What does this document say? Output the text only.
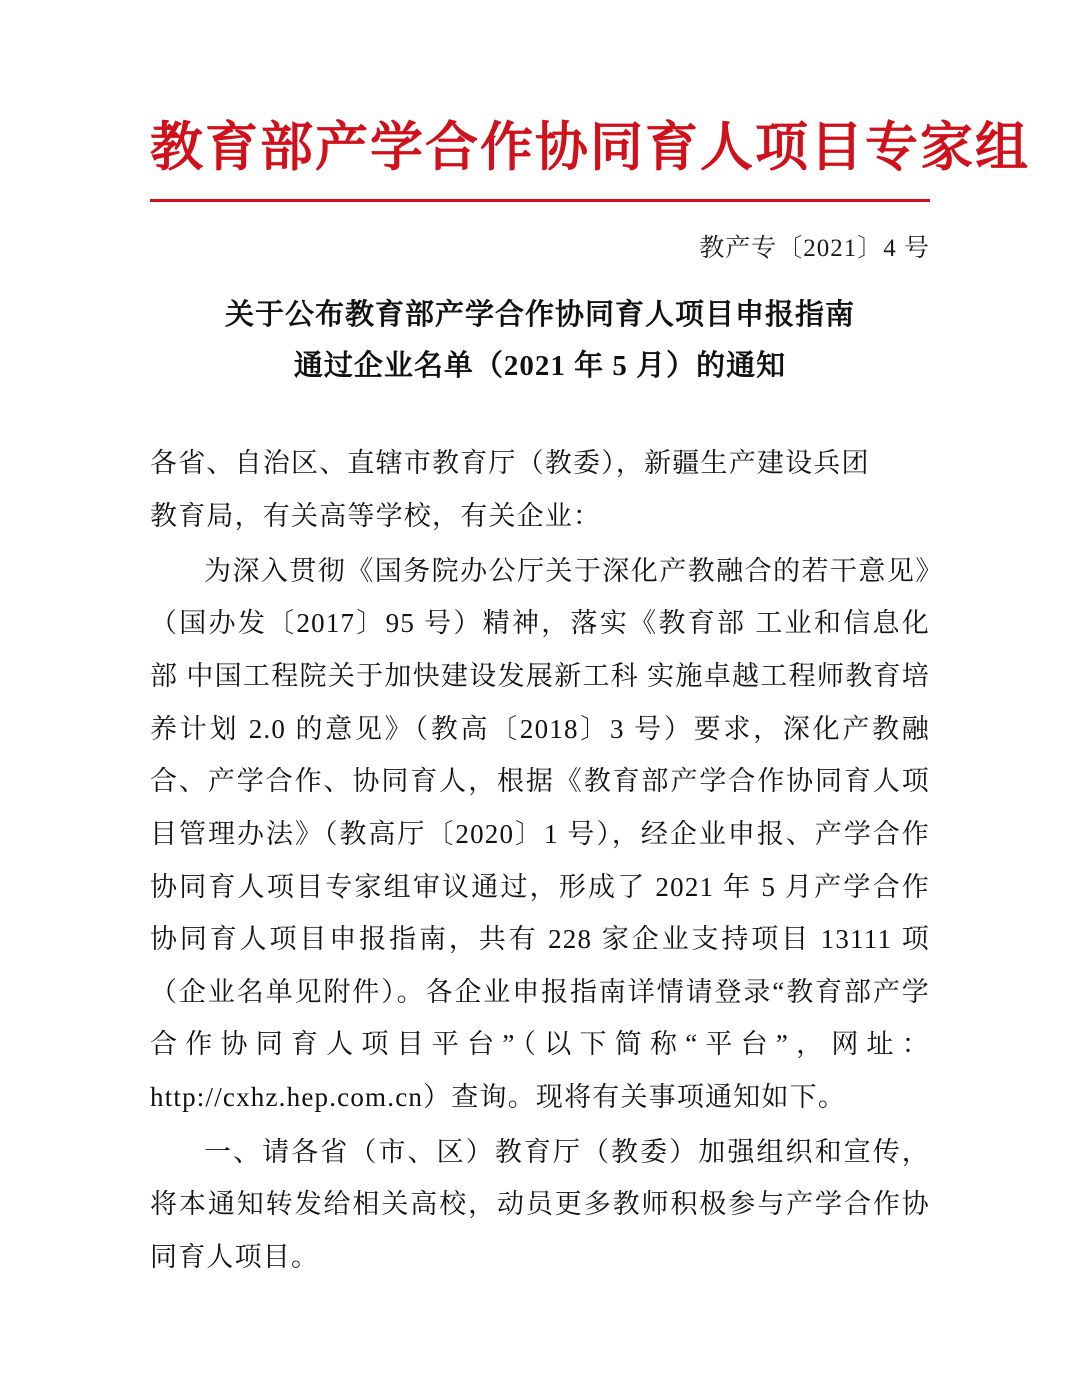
教育部产学合作协同育人项目专家组
教产专〔2021〕4 号
关于公布教育部产学合作协同育人项目申报指南
通过企业名单（2021 年 5 月）的通知

各省、自治区、直辖市教育厅（教委），新疆生产建设兵团
教育局，有关高等学校，有关企业：

为深入贯彻《国务院办公厅关于深化产教融合的若干意见》（国办发〔2017〕95 号）精神，落实《教育部 工业和信息化部 中国工程院关于加快建设发展新工科 实施卓越工程师教育培养计划 2.0 的意见》（教高〔2018〕3 号）要求，深化产教融合、产学合作、协同育人，根据《教育部产学合作协同育人项目管理办法》（教高厅〔2020〕1 号），经企业申报、产学合作协同育人项目专家组审议通过，形成了 2021 年 5 月产学合作协同育人项目申报指南，共有 228 家企业支持项目 13111 项（企业名单见附件）。各企业申报指南详情请登录“教育部产学合作协同育人项目平台”（以下简称“平台”，网址：http://cxhz.hep.com.cn）查询。现将有关事项通知如下。

一、请各省（市、区）教育厅（教委）加强组织和宣传，将本通知转发给相关高校，动员更多教师积极参与产学合作协同育人项目。
